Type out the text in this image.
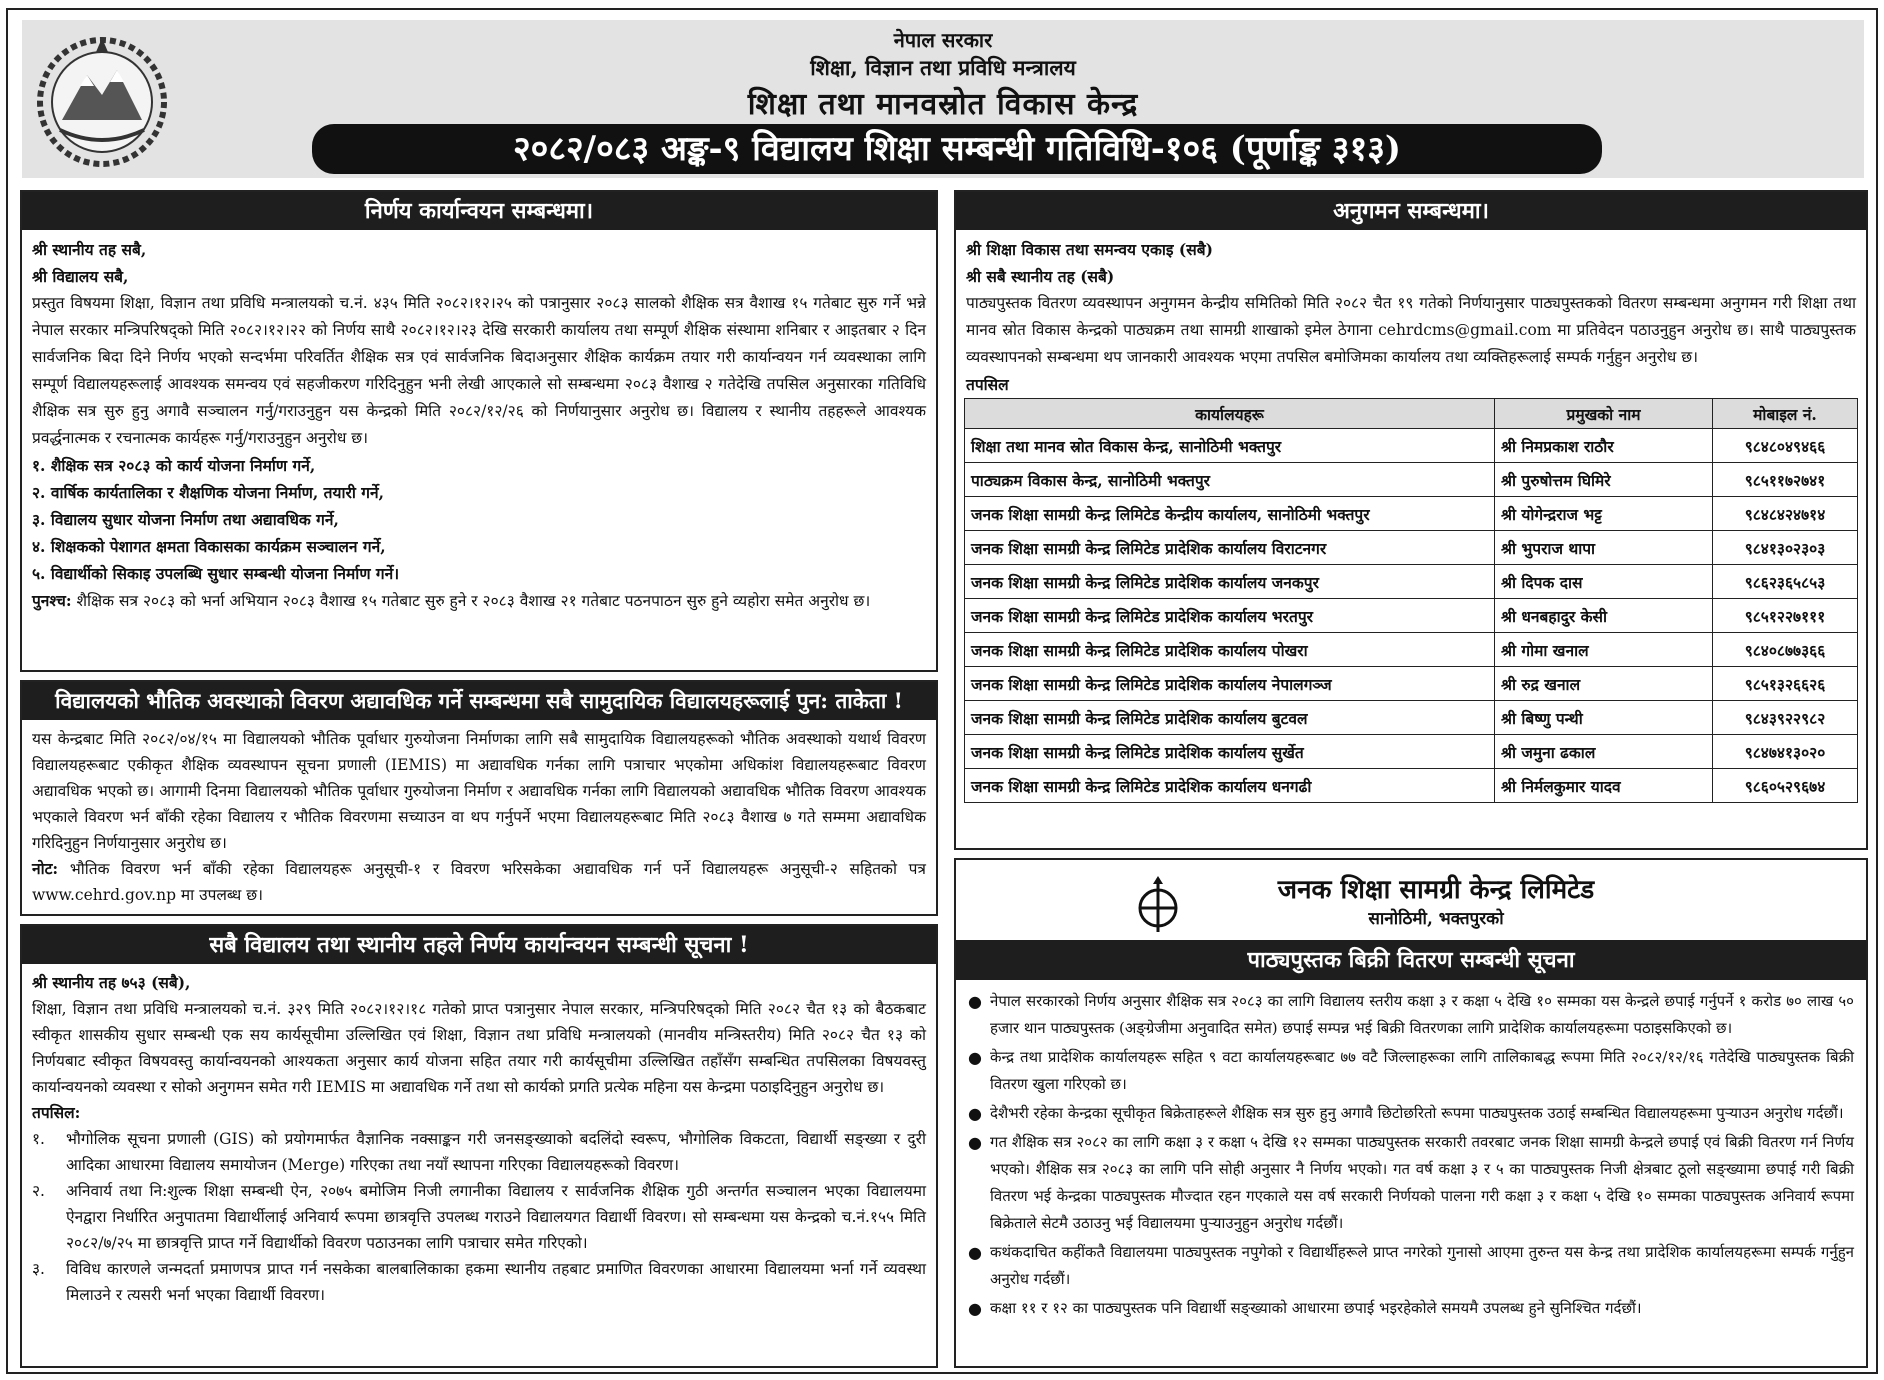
नेपाल सरकार
शिक्षा, विज्ञान तथा प्रविधि मन्त्रालय
शिक्षा तथा मानवस्रोत विकास केन्द्र
२०८२/०८३ अङ्क-९ विद्यालय शिक्षा सम्बन्धी गतिविधि-१०६ (पूर्णाङ्क ३१३)
निर्णय कार्यान्वयन सम्बन्धमा।
श्री स्थानीय तह सबै,
श्री विद्यालय सबै,

प्रस्तुत विषयमा शिक्षा, विज्ञान तथा प्रविधि मन्त्रालयको च.नं. ४३५ मिति २०८२।१२।२५ को पत्रानुसार २०८३ सालको शैक्षिक सत्र वैशाख १५ गतेबाट सुरु गर्ने भन्ने नेपाल सरकार मन्त्रिपरिषद्को मिति २०८२।१२।२२ को निर्णय साथै २०८२।१२।२३ देखि सरकारी कार्यालय तथा सम्पूर्ण शैक्षिक संस्थामा शनिबार र आइतबार २ दिन सार्वजनिक बिदा दिने निर्णय भएको सन्दर्भमा परिवर्तित शैक्षिक सत्र एवं सार्वजनिक बिदाअनुसार शैक्षिक कार्यक्रम तयार गरी कार्यान्वयन गर्न व्यवस्थाका लागि सम्पूर्ण विद्यालयहरूलाई आवश्यक समन्वय एवं सहजीकरण गरिदिनुहुन भनी लेखी आएकाले सो सम्बन्धमा २०८३ वैशाख २ गतेदेखि तपसिल अनुसारका गतिविधि शैक्षिक सत्र सुरु हुनु अगावै सञ्चालन गर्नु/गराउनुहुन यस केन्द्रको मिति २०८२/१२/२६ को निर्णयानुसार अनुरोध छ। विद्यालय र स्थानीय तहहरूले आवश्यक प्रवर्द्धनात्मक र रचनात्मक कार्यहरू गर्नु/गराउनुहुन अनुरोध छ।

१. शैक्षिक सत्र २०८३ को कार्य योजना निर्माण गर्ने,
२. वार्षिक कार्यतालिका र शैक्षणिक योजना निर्माण, तयारी गर्ने,
३. विद्यालय सुधार योजना निर्माण तथा अद्यावधिक गर्ने,
४. शिक्षकको पेशागत क्षमता विकासका कार्यक्रम सञ्चालन गर्ने,
५. विद्यार्थीको सिकाइ उपलब्धि सुधार सम्बन्धी योजना निर्माण गर्ने।

पुनश्च: शैक्षिक सत्र २०८३ को भर्ना अभियान २०८३ वैशाख १५ गतेबाट सुरु हुने र २०८३ वैशाख २१ गतेबाट पठनपाठन सुरु हुने व्यहोरा समेत अनुरोध छ।

विद्यालयको भौतिक अवस्थाको विवरण अद्यावधिक गर्ने सम्बन्धमा सबै सामुदायिक विद्यालयहरूलाई पुन: ताकेता !

यस केन्द्रबाट मिति २०८२/०४/१५ मा विद्यालयको भौतिक पूर्वाधार गुरुयोजना निर्माणका लागि सबै सामुदायिक विद्यालयहरूको भौतिक अवस्थाको यथार्थ विवरण विद्यालयहरूबाट एकीकृत शैक्षिक व्यवस्थापन सूचना प्रणाली (IEMIS) मा अद्यावधिक गर्नका लागि पत्राचार भएकोमा अधिकांश विद्यालयहरूबाट विवरण अद्यावधिक भएको छ। आगामी दिनमा विद्यालयको भौतिक पूर्वाधार गुरुयोजना निर्माण र अद्यावधिक गर्नका लागि विद्यालयको अद्यावधिक भौतिक विवरण आवश्यक भएकाले विवरण भर्न बाँकी रहेका विद्यालय र भौतिक विवरणमा सच्याउन वा थप गर्नुपर्ने भएमा विद्यालयहरूबाट मिति २०८३ वैशाख ७ गते सम्ममा अद्यावधिक गरिदिनुहुन निर्णयानुसार अनुरोध छ।

नोट: भौतिक विवरण भर्न बाँकी रहेका विद्यालयहरू अनुसूची-१ र विवरण भरिसकेका अद्यावधिक गर्न पर्ने विद्यालयहरू अनुसूची-२ सहितको पत्र www.cehrd.gov.np मा उपलब्ध छ।

सबै विद्यालय तथा स्थानीय तहले निर्णय कार्यान्वयन सम्बन्धी सूचना !
श्री स्थानीय तह ७५३ (सबै),

शिक्षा, विज्ञान तथा प्रविधि मन्त्रालयको च.नं. ३२९ मिति २०८२।१२।१८ गतेको प्राप्त पत्रानुसार नेपाल सरकार, मन्त्रिपरिषद्को मिति २०८२ चैत १३ को बैठकबाट स्वीकृत शासकीय सुधार सम्बन्धी एक सय कार्यसूचीमा उल्लिखित एवं शिक्षा, विज्ञान तथा प्रविधि मन्त्रालयको (मानवीय मन्त्रिस्तरीय) मिति २०८२ चैत १३ को निर्णयबाट स्वीकृत विषयवस्तु कार्यान्वयनको आश्यकता अनुसार कार्य योजना सहित तयार गरी कार्यसूचीमा उल्लिखित तहाँसँग सम्बन्धित तपसिलका विषयवस्तु कार्यान्वयनको व्यवस्था र सोको अनुगमन समेत गरी IEMIS मा अद्यावधिक गर्ने तथा सो कार्यको प्रगति प्रत्येक महिना यस केन्द्रमा पठाइदिनुहुन अनुरोध छ।

तपसिल:
१.	भौगोलिक सूचना प्रणाली (GIS) को प्रयोगमार्फत वैज्ञानिक नक्साङ्कन गरी जनसङ्ख्याको बदलिंदो स्वरूप, भौगोलिक विकटता, विद्यार्थी सङ्ख्या र दुरी आदिका आधारमा विद्यालय समायोजन (Merge) गरिएका तथा नयाँ स्थापना गरिएका विद्यालयहरूको विवरण।
२.	अनिवार्य तथा नि:शुल्क शिक्षा सम्बन्धी ऐन, २०७५ बमोजिम निजी लगानीका विद्यालय र सार्वजनिक शैक्षिक गुठी अन्तर्गत सञ्चालन भएका विद्यालयमा ऐनद्वारा निर्धारित अनुपातमा विद्यार्थीलाई अनिवार्य रूपमा छात्रवृत्ति उपलब्ध गराउने विद्यालयगत विद्यार्थी विवरण। सो सम्बन्धमा यस केन्द्रको च.नं.१५५ मिति २०८२/७/२५ मा छात्रवृत्ति प्राप्त गर्ने विद्यार्थीको विवरण पठाउनका लागि पत्राचार समेत गरिएको।
३.	विविध कारणले जन्मदर्ता प्रमाणपत्र प्राप्त गर्न नसकेका बालबालिकाका हकमा स्थानीय तहबाट प्रमाणित विवरणका आधारमा विद्यालयमा भर्ना गर्ने व्यवस्था मिलाउने र त्यसरी भर्ना भएका विद्यार्थी विवरण।
अनुगमन सम्बन्धमा।
श्री शिक्षा विकास तथा समन्वय एकाइ (सबै)
श्री सबै स्थानीय तह (सबै)

पाठ्यपुस्तक वितरण व्यवस्थापन अनुगमन केन्द्रीय समितिको मिति २०८२ चैत १९ गतेको निर्णयानुसार पाठ्यपुस्तकको वितरण सम्बन्धमा अनुगमन गरी शिक्षा तथा मानव स्रोत विकास केन्द्रको पाठ्यक्रम तथा सामग्री शाखाको इमेल ठेगाना cehrdcms@gmail.com मा प्रतिवेदन पठाउनुहुन अनुरोध छ। साथै पाठ्यपुस्तक व्यवस्थापनको सम्बन्धमा थप जानकारी आवश्यक भएमा तपसिल बमोजिमका कार्यालय तथा व्यक्तिहरूलाई सम्पर्क गर्नुहुन अनुरोध छ।

तपसिल
कार्यालयहरू	प्रमुखको नाम	मोबाइल नं.
शिक्षा तथा मानव स्रोत विकास केन्द्र, सानोठिमी भक्तपुर	श्री निमप्रकाश राठौर	९८४८०४९४६६
पाठ्यक्रम विकास केन्द्र, सानोठिमी भक्तपुर	श्री पुरुषोत्तम घिमिरे	९८५११७२७४१
जनक शिक्षा सामग्री केन्द्र लिमिटेड केन्द्रीय कार्यालय, सानोठिमी भक्तपुर	श्री योगेन्द्रराज भट्ट	९८४८४२४७१४
जनक शिक्षा सामग्री केन्द्र लिमिटेड प्रादेशिक कार्यालय विराटनगर	श्री भुपराज थापा	९८४१३०२३०३
जनक शिक्षा सामग्री केन्द्र लिमिटेड प्रादेशिक कार्यालय जनकपुर	श्री दिपक दास	९८६२३६५८५३
जनक शिक्षा सामग्री केन्द्र लिमिटेड प्रादेशिक कार्यालय भरतपुर	श्री धनबहादुर केसी	९८५१२२७१११
जनक शिक्षा सामग्री केन्द्र लिमिटेड प्रादेशिक कार्यालय पोखरा	श्री गोमा खनाल	९८४०८७७३६६
जनक शिक्षा सामग्री केन्द्र लिमिटेड प्रादेशिक कार्यालय नेपालगञ्ज	श्री रुद्र खनाल	९८५१३२६६२६
जनक शिक्षा सामग्री केन्द्र लिमिटेड प्रादेशिक कार्यालय बुटवल	श्री बिष्णु पन्थी	९८४३९२२९८२
जनक शिक्षा सामग्री केन्द्र लिमिटेड प्रादेशिक कार्यालय सुर्खेत	श्री जमुना ढकाल	९८४७४१३०२०
जनक शिक्षा सामग्री केन्द्र लिमिटेड प्रादेशिक कार्यालय धनगढी	श्री निर्मलकुमार यादव	९८६०५२९६७४
जनक शिक्षा सामग्री केन्द्र लिमिटेड
सानोठिमी, भक्तपुरको
पाठ्यपुस्तक बिक्री वितरण सम्बन्धी सूचना
● नेपाल सरकारको निर्णय अनुसार शैक्षिक सत्र २०८३ का लागि विद्यालय स्तरीय कक्षा ३ र कक्षा ५ देखि १० सम्मका यस केन्द्रले छपाई गर्नुपर्ने १ करोड ७० लाख ५० हजार थान पाठ्यपुस्तक (अङ्ग्रेजीमा अनुवादित समेत) छपाई सम्पन्न भई बिक्री वितरणका लागि प्रादेशिक कार्यालयहरूमा पठाइसकिएको छ।
● केन्द्र तथा प्रादेशिक कार्यालयहरू सहित ९ वटा कार्यालयहरूबाट ७७ वटै जिल्लाहरूका लागि तालिकाबद्ध रूपमा मिति २०८२/१२/१६ गतेदेखि पाठ्यपुस्तक बिक्री वितरण खुला गरिएको छ।
● देशैभरी रहेका केन्द्रका सूचीकृत बिक्रेताहरूले शैक्षिक सत्र सुरु हुनु अगावै छिटोछरितो रूपमा पाठ्यपुस्तक उठाई सम्बन्धित विद्यालयहरूमा पुऱ्याउन अनुरोध गर्दछौं।
● गत शैक्षिक सत्र २०८२ का लागि कक्षा ३ र कक्षा ५ देखि १२ सम्मका पाठ्यपुस्तक सरकारी तवरबाट जनक शिक्षा सामग्री केन्द्रले छपाई एवं बिक्री वितरण गर्न निर्णय भएको। शैक्षिक सत्र २०८३ का लागि पनि सोही अनुसार नै निर्णय भएको। गत वर्ष कक्षा ३ र ५ का पाठ्यपुस्तक निजी क्षेत्रबाट ठूलो सङ्ख्यामा छपाई गरी बिक्री वितरण भई केन्द्रका पाठ्यपुस्तक मौज्दात रहन गएकाले यस वर्ष सरकारी निर्णयको पालना गरी कक्षा ३ र कक्षा ५ देखि १० सम्मका पाठ्यपुस्तक अनिवार्य रूपमा बिक्रेताले सेटमै उठाउनु भई विद्यालयमा पुऱ्याउनुहुन अनुरोध गर्दछौं।
● कथंकदाचित कहींकतै विद्यालयमा पाठ्यपुस्तक नपुगेको र विद्यार्थीहरूले प्राप्त नगरेको गुनासो आएमा तुरुन्त यस केन्द्र तथा प्रादेशिक कार्यालयहरूमा सम्पर्क गर्नुहुन अनुरोध गर्दछौं।
● कक्षा ११ र १२ का पाठ्यपुस्तक पनि विद्यार्थी सङ्ख्याको आधारमा छपाई भइरहेकोले समयमै उपलब्ध हुने सुनिश्चित गर्दछौं।
